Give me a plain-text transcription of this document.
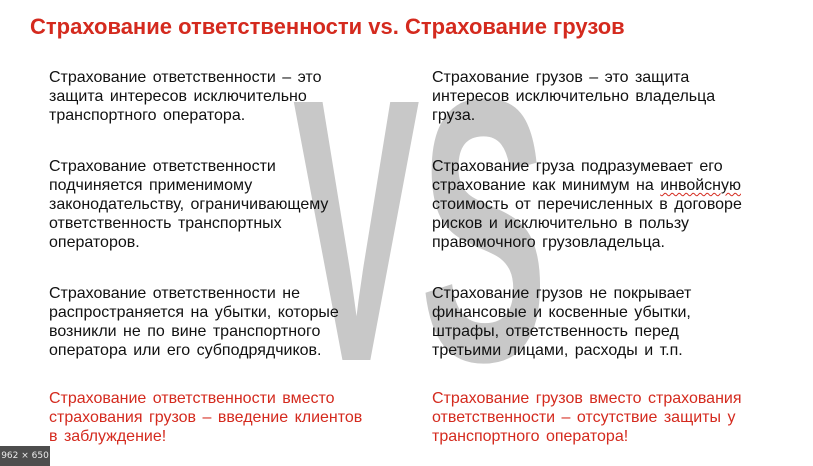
Страхование ответственности vs. Страхование грузов
VS
Страхование ответственности – это
защита интересов исключительно
транспортного оператора.
Страхование ответственности
подчиняется применимому
законодательству, ограничивающему
ответственность транспортных
операторов.
Страхование ответственности не
распространяется на убытки, которые
возникли не по вине транспортного
оператора или его субподрядчиков.
Страхование ответственности вместо
страхования грузов – введение клиентов
в заблуждение!
Страхование грузов – это защита
интересов исключительно владельца
груза.
Страхование груза подразумевает его
страхование как минимум на инвойсную
стоимость от перечисленных в договоре
рисков и исключительно в пользу
правомочного грузовладельца.
Страхование грузов не покрывает
финансовые и косвенные убытки,
штрафы, ответственность перед
третьими лицами, расходы и т.п.
Страхование грузов вместо страхования
ответственности – отсутствие защиты у
транспортного оператора!
962 × 650
